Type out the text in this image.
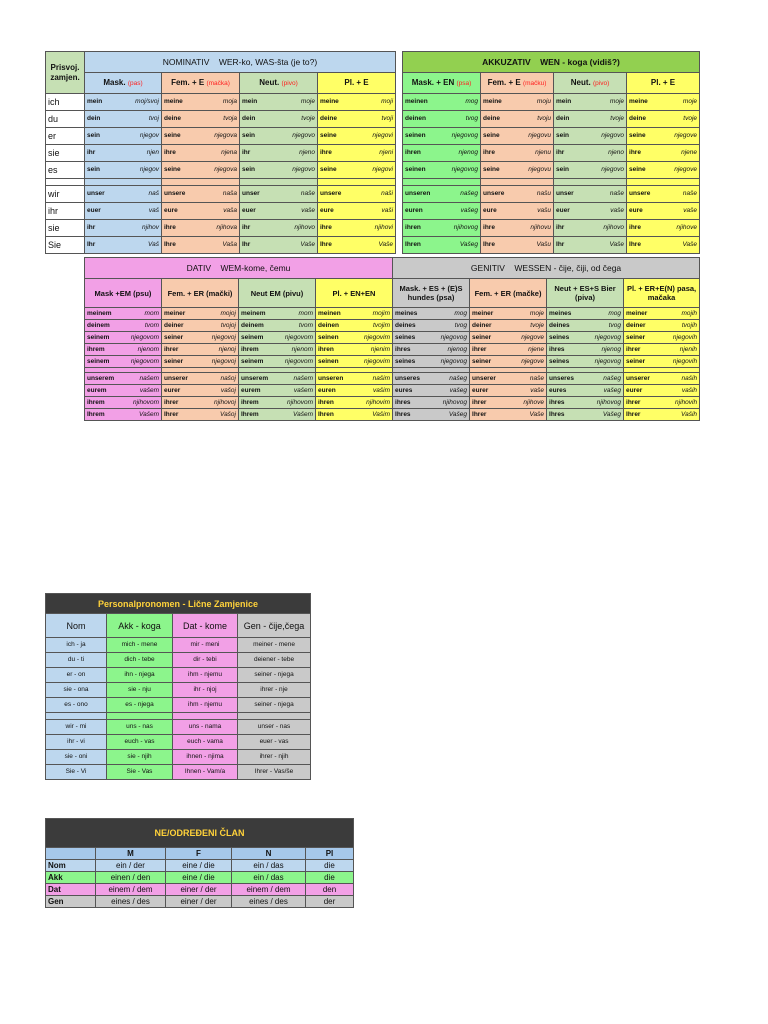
Prisvoj. zamjen.	NOMINATIV WER-ko, WAS-šta (je to?)					AKKUZATIV WEN - koga (vidiš?)			
	Mask. (pas)	Fem. + E (mačka)	Neut. (pivo)	Pl. + E		Mask. + EN (psa)	Fem. + E (mačku)	Neut. (pivo)	Pl. + E
ich	mein moj/svoj	meine moja	mein moje	meine moji		meinen mog	meine moju	mein moje	meine moje

du	dein tvoj	deine tvoja	dein tvoje	deine tvoji		deinen tvog	deine tvoju	dein tvoje	deine tvoje

er	sein njegov	seine njegova	sein njegovo	seine njegovi		seinen njegovog	seine njegovu	sein njegovo	seine njegove

sie	ihr njen	ihre njena	ihr njeno	ihre njeni		ihren njenog	ihre njenu	ihr njeno	ihre njene

es	sein njegov	seine njegova	sein njegovo	seine njegovi		seinen njegovog	seine njegovu	sein njegovo	seine njegove

wir	unser naš	unsere naša	unser naše	unsere naši		unseren našeg	unsere našu	unser naše	unsere naše

ihr	euer vaš	eure vaša	euer vaše	eure vaši		euren vašeg	eure vašu	euer vaše	eure vaše

sie	ihr njihov	ihre njihova	ihr njihovo	ihre njihovi		ihren njihovog	ihre njihovu	ihr njihovo	ihre njihove

Sie	Ihr Vaš	Ihre Vaša	Ihr Vaše	Ihre Vaše		Ihren Vašeg	Ihre Vašu	Ihr Vaše	Ihre Vaše
DATIV WEM-kome, čemu				GENITIV WESSEN - čije, čiji, od čega			
Mask +EM (psu)	Fem. + ER (mački)	Neut EM (pivu)	Pl. + EN+EN	Mask. + ES + (E)S hundes (psa)	Fem. + ER (mačke)	Neut + ES+S Bier (piva)	Pl. + ER+E(N) pasa, mačaka

meinem mom	meiner mojoj	meinem mom	meinen mojim	meines mog	meiner moje	meines mog	meiner mojih

deinem tvom	deiner tvojoj	deinem tvom	deinen tvojim	deines tvog	deiner tvoje	deines tvog	deiner tvojih

seinem njegovom	seiner njegovoj	seinem njegovom	seinen njegovim	seines njegovog	seiner njegove	seines njegovog	seiner njegovih

ihrem njenom	ihrer njenoj	ihrem njenom	ihren njenim	ihres njenog	ihrer njene	ihres njenog	ihrer njenih

seinem njegovom	seiner njegovoj	seinem njegovom	seinen njegovim	seines njegovog	seiner njegove	seines njegovog	seiner njegovih

unserem našem	unserer našoj	unserem našem	unseren našim	unseres našeg	unserer naše	unseres našeg	unserer naših

eurem vašem	eurer vašoj	eurem vašem	euren vašim	eures vašeg	eurer vaše	eures vašeg	eurer vaših

ihrem njihovom	ihrer njihovoj	ihrem njihovom	ihren njihovim	ihres njihovog	ihrer njihove	ihres njihovog	ihrer njihovih

Ihrem Vašem	Ihrer Vašoj	Ihrem Vašem	Ihren Vašim	Ihres Vašeg	Ihrer Vaše	Ihres Vašeg	Ihrer Vaših
Personalpronomen - Lične Zamjenice			
Nom	Akk - koga	Dat - kome	Gen - čije,čega
ich - ja	mich - mene	mir - meni	meiner - mene
du - ti	dich - tebe	dir - tebi	deiener - tebe
er - on	ihn - njega	ihm - njemu	seiner - njega
sie - ona	sie - nju	ihr - njoj	ihrer - nje
es - ono	es - njega	ihm - njemu	seiner - njega

wir - mi	uns - nas	uns - nama	unser - nas
ihr - vi	euch - vas	euch - vama	euer - vas
sie - oni	sie - njih	ihnen - njima	ihrer - njih
Sie - Vi	Sie - Vas	Ihnen - Vam/a	Ihrer - Vas/še
NE/ODREĐENI ČLAN				
	M	F	N	Pl
Nom	ein / der	eine / die	ein / das	die
Akk	einen / den	eine / die	ein / das	die
Dat	einem / dem	einer / der	einem / dem	den
Gen	eines / des	einer / der	eines / des	der
